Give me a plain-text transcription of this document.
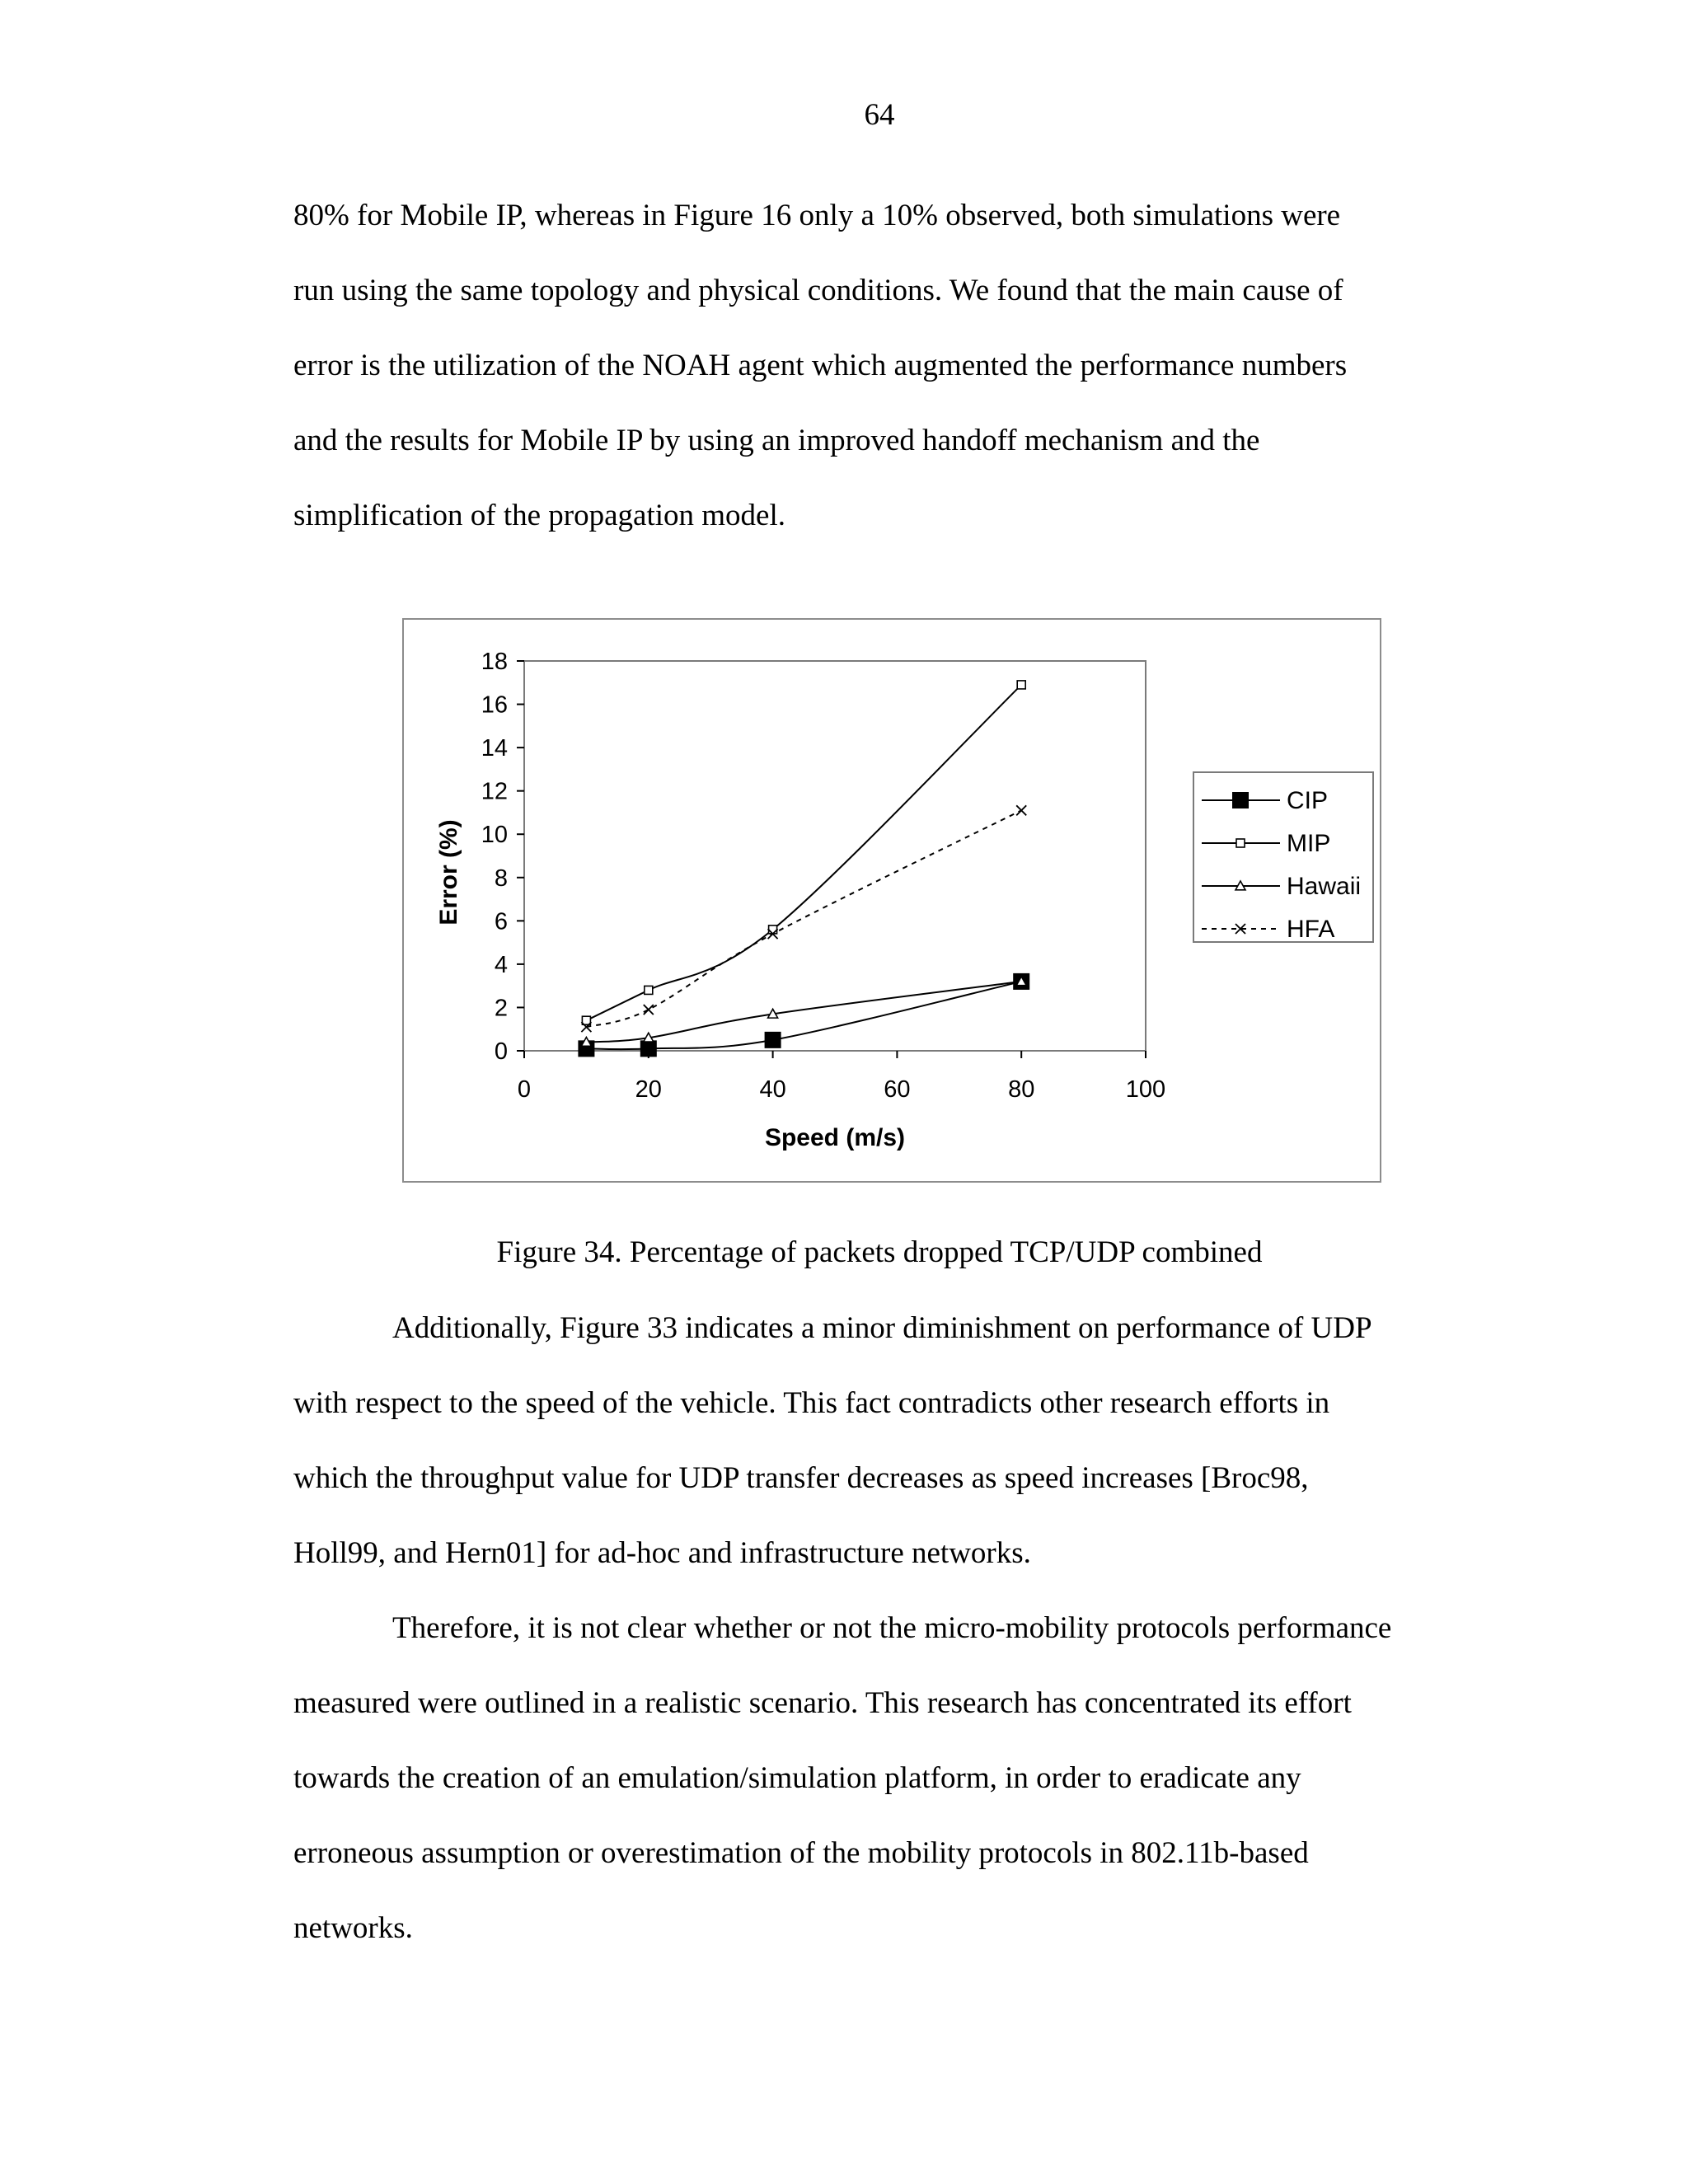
64
80% for Mobile IP, whereas in Figure 16 only a 10% observed, both simulations were
run using the same topology and physical conditions. We found that the main cause of
error is the utilization of the NOAH agent which augmented the performance numbers
and the results for Mobile IP by using an improved handoff mechanism and the
simplification of the propagation model.
0
2
4
6
8
10
12
14
16
18
0	20	40	60	80	100
Speed (m/s)
Error (%)
CIP
MIP
Hawaii
HFA
Figure 34. Percentage of packets dropped TCP/UDP combined
Additionally, Figure 33 indicates a minor diminishment on performance of UDP
with respect to the speed of the vehicle. This fact contradicts other research efforts in
which the throughput value for UDP transfer decreases as speed increases [Broc98,
Holl99, and Hern01] for ad-hoc and infrastructure networks.
Therefore, it is not clear whether or not the micro-mobility protocols performance
measured were outlined in a realistic scenario. This research has concentrated its effort
towards the creation of an emulation/simulation platform, in order to eradicate any
erroneous assumption or overestimation of the mobility protocols in 802.11b-based
networks.
